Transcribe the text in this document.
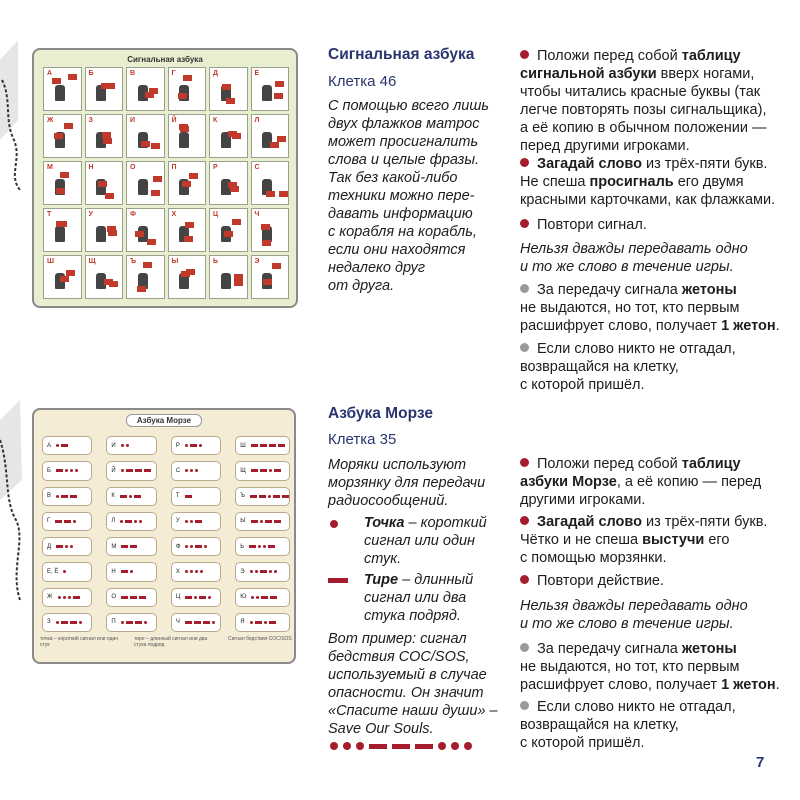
Сигнальная азбука
А	Б	В	Г	Д	Е
Ж	З	И	Й	К	Л
М	Н	О	П	Р	С
Т	У	Ф	Х	Ц	Ч
Ш	Щ	Ъ	Ы	Ь	Э
Азбука Морзе
А	И	Р	Ш
Б	Й	С	Щ
В	К	Т	Ъ
Г	Л	У	Ы
Д	М	Ф	Ь
Е, Ё	Н	Х	Э
Ж	О	Ц	Ю
З	П	Ч	Я
точка – короткий сигнал или один стук
тире – длинный сигнал или два стука подряд
Сигнал бедствия СОС/SOS
Сигнальная азбука
Клетка 46
С помощью всего лишь
двух флажков матрос
может просигналить
слова и целые фразы.
Так без какой-либо
техники можно пере-
давать информацию
с корабля на корабль,
если они находятся
недалеко друг
от друга.
Положи перед собой таблицу
сигнальной азбуки вверх ногами,
чтобы читались красные буквы (так
легче повторять позы сигнальщика),
а её копию в обычном положении —
перед другими игроками.
Загадай слово из трёх-пяти букв.
Не спеша просигналь его двумя
красными карточками, как флажками.
Повтори сигнал.
Нельзя дважды передавать одно
и то же слово в течение игры.
За передачу сигнала жетоны
не выдаются, но тот, кто первым
расшифрует слово, получает 1 жетон.
Если слово никто не отгадал,
возвращайся на клетку,
с которой пришёл.
Азбука Морзе
Клетка 35
Моряки используют
морзянку для передачи
радиосообщений.
Точка – короткий
сигнал или один
стук.
Тире – длинный
сигнал или два
стука подряд.
Вот пример: сигнал
бедствия СОС/SOS,
используемый в случае
опасности. Он значит
«Спасите наши души» –
Save Our Souls.
Положи перед собой таблицу
азбуки Морзе, а её копию — перед
другими игроками.
Загадай слово из трёх-пяти букв.
Чётко и не спеша выстучи его
с помощью морзянки.
Повтори действие.
Нельзя дважды передавать одно
и то же слово в течение игры.
За передачу сигнала жетоны
не выдаются, но тот, кто первым
расшифрует слово, получает 1 жетон.
Если слово никто не отгадал,
возвращайся на клетку,
с которой пришёл.
7
